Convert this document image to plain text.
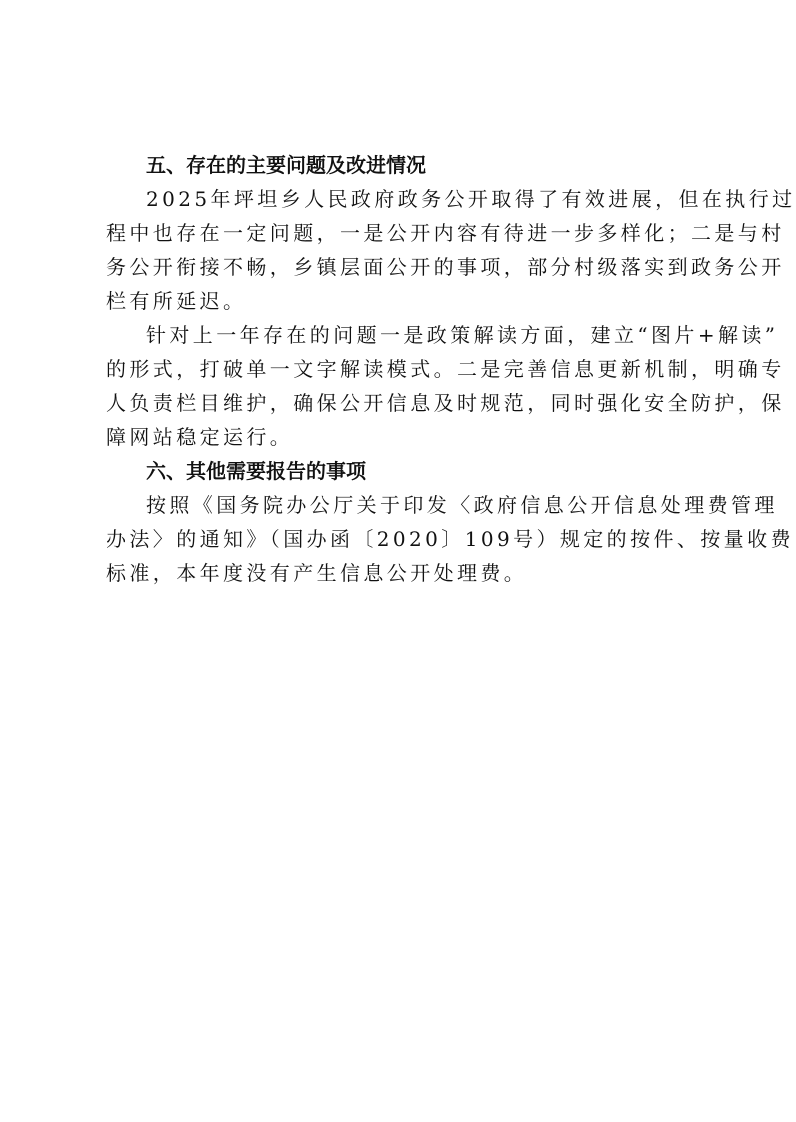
五、存在的主要问题及改进情况

2025年坪坦乡人民政府政务公开取得了有效进展，但在执行过
程中也存在一定问题，一是公开内容有待进一步多样化；二是与村
务公开衔接不畅，乡镇层面公开的事项，部分村级落实到政务公开
栏有所延迟。

针对上一年存在的问题一是政策解读方面，建立“图片+解读”
的形式，打破单一文字解读模式。二是完善信息更新机制，明确专
人负责栏目维护，确保公开信息及时规范，同时强化安全防护，保
障网站稳定运行。

六、其他需要报告的事项

按照《国务院办公厅关于印发〈政府信息公开信息处理费管理
办法〉的通知》（国办函〔2020〕109号）规定的按件、按量收费
标准，本年度没有产生信息公开处理费。
